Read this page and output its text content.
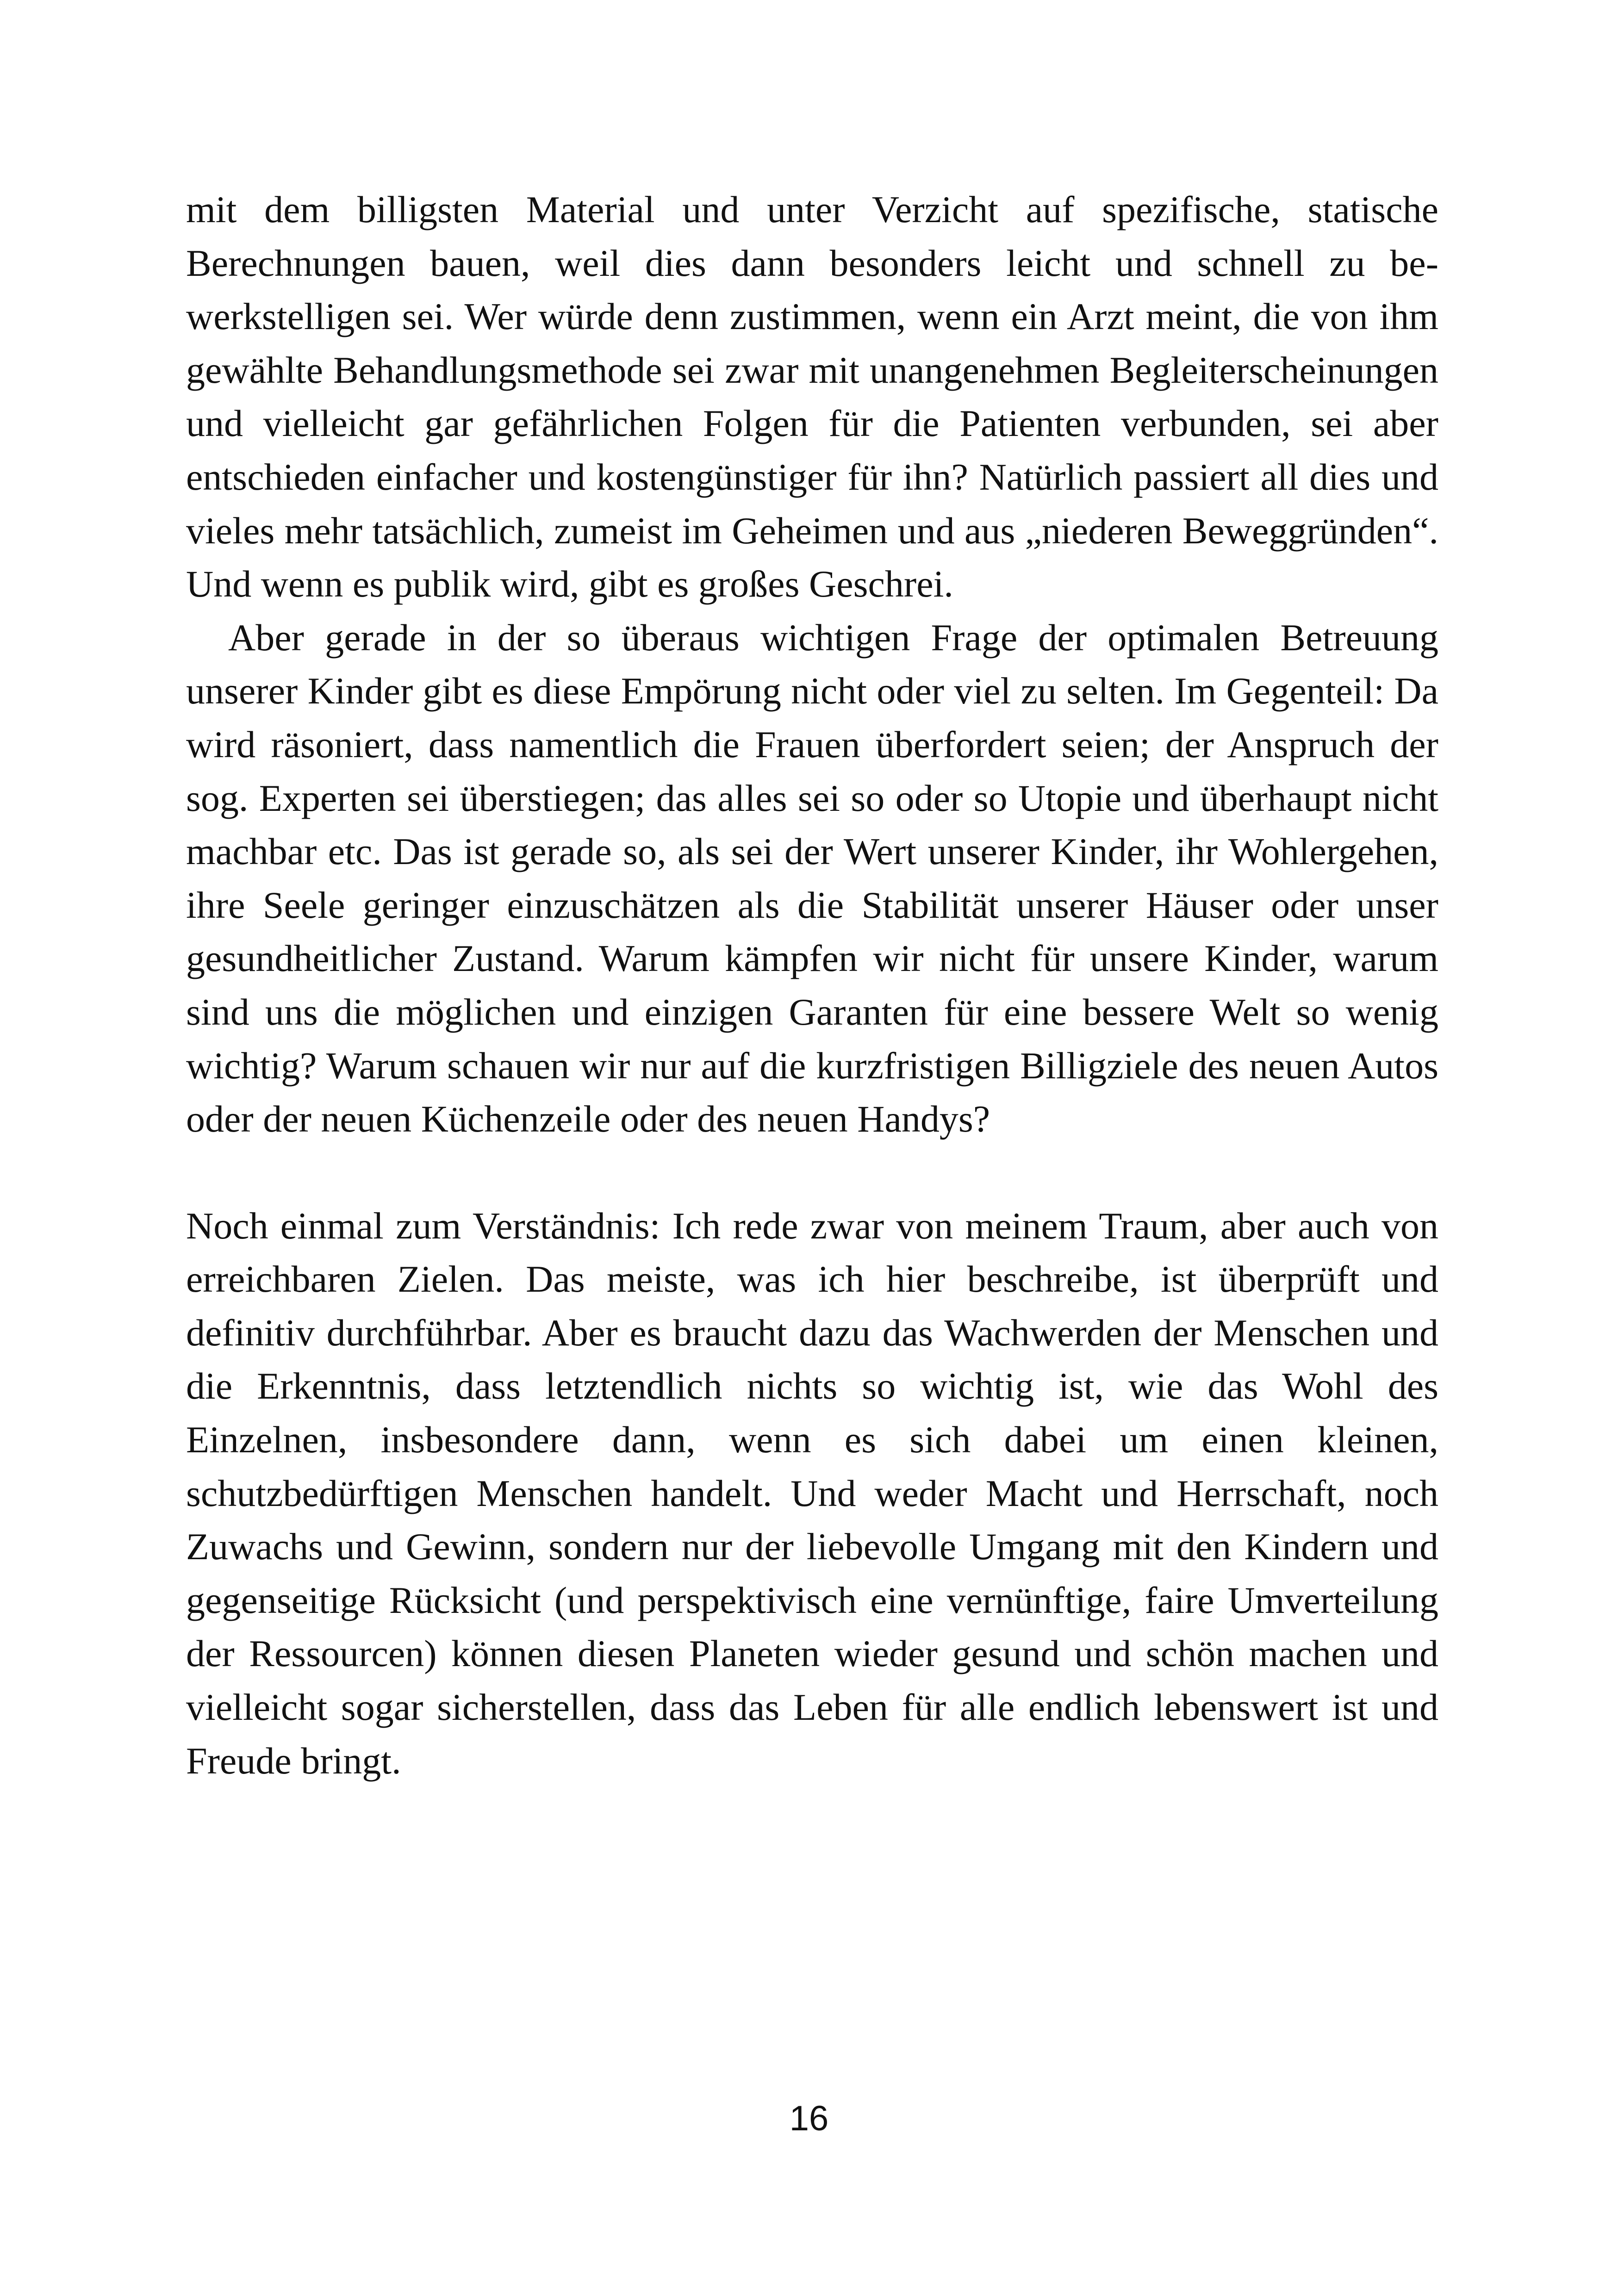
mit dem billigsten Material und unter Verzicht auf spezifische, statische Berechnungen bauen, weil dies dann besonders leicht und schnell zu bewerkstelligen sei. Wer würde denn zustimmen, wenn ein Arzt meint, die von ihm gewählte Behandlungsmethode sei zwar mit unangenehmen Begleiterscheinungen und vielleicht gar gefährlichen Folgen für die Patienten verbunden, sei aber entschieden einfacher und kostengünstiger für ihn? Natürlich passiert all dies und vieles mehr tatsächlich, zumeist im Geheimen und aus „niederen Beweggründen“. Und wenn es publik wird, gibt es großes Geschrei.

Aber gerade in der so überaus wichtigen Frage der optimalen Betreuung unserer Kinder gibt es diese Empörung nicht oder viel zu selten. Im Gegenteil: Da wird räsoniert, dass namentlich die Frauen überfordert seien; der Anspruch der sog. Experten sei überstiegen; das alles sei so oder so Utopie und überhaupt nicht machbar etc. Das ist gerade so, als sei der Wert unserer Kinder, ihr Wohlergehen, ihre Seele geringer einzuschätzen als die Stabilität unserer Häuser oder unser gesundheitlicher Zustand. Warum kämpfen wir nicht für unsere Kinder, warum sind uns die möglichen und einzigen Garanten für eine bessere Welt so wenig wichtig? Warum schauen wir nur auf die kurzfristigen Billigziele des neuen Autos oder der neuen Küchenzeile oder des neuen Handys?

Noch einmal zum Verständnis: Ich rede zwar von meinem Traum, aber auch von erreichbaren Zielen. Das meiste, was ich hier beschreibe, ist überprüft und definitiv durchführbar. Aber es braucht dazu das Wachwerden der Menschen und die Erkenntnis, dass letztendlich nichts so wichtig ist, wie das Wohl des Einzelnen, insbesondere dann, wenn es sich dabei um einen kleinen, schutzbedürftigen Menschen handelt. Und weder Macht und Herrschaft, noch Zuwachs und Gewinn, sondern nur der liebevolle Umgang mit den Kindern und gegenseitige Rücksicht (und perspektivisch eine vernünftige, faire Umverteilung der Ressourcen) können diesen Planeten wieder gesund und schön machen und vielleicht sogar sicherstellen, dass das Leben für alle endlich lebenswert ist und Freude bringt.

16
